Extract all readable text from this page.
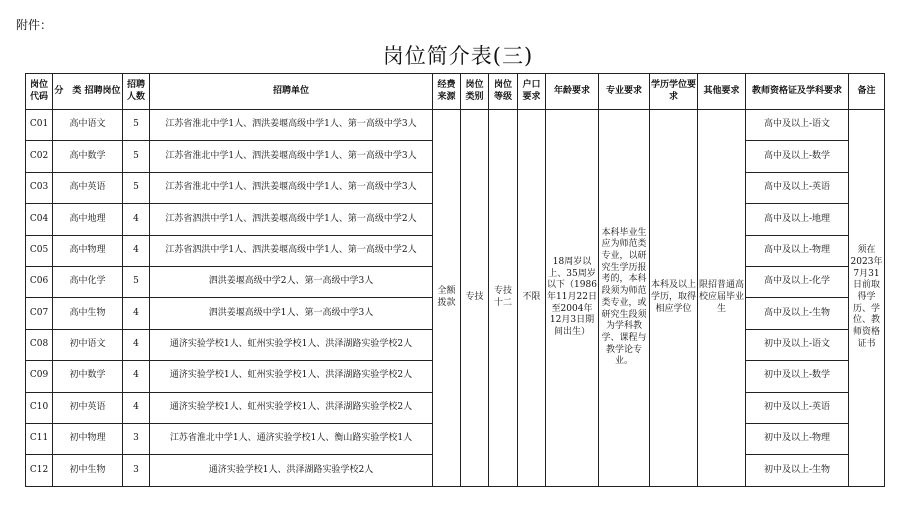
附件：
岗位简介表(三)
岗位代码	分　类 招聘岗位	招聘人数	招聘单位	经费来源	岗位类别	岗位等级	户口要求	年龄要求	专业要求	学历学位要求	其他要求	教师资格证及学科要求	备注
C01	高中语文	5	江苏省淮北中学1人、泗洪姜堰高级中学1人、第一高级中学3人	全额拨款	专技	专技十二	不限	18周岁以上、35周岁以下（1986年11月22日至2004年12月3日期间出生）	本科毕业生应为师范类专业，以研究生学历报考的，本科段须为师范类专业，或研究生段须为学科教学、课程与教学论专业。	本科及以上学历，取得相应学位	限招普通高校应届毕业生	高中及以上-语文	须在2023年7月31日前取得学历、学位、教师资格证书
C02	高中数学	5	江苏省淮北中学1人、泗洪姜堰高级中学1人、第一高级中学3人									高中及以上-数学	
C03	高中英语	5	江苏省淮北中学1人、泗洪姜堰高级中学1人、第一高级中学3人									高中及以上-英语	
C04	高中地理	4	江苏省泗洪中学1人、泗洪姜堰高级中学1人、第一高级中学2人									高中及以上-地理	
C05	高中物理	4	江苏省泗洪中学1人、泗洪姜堰高级中学1人、第一高级中学2人									高中及以上-物理	
C06	高中化学	5	泗洪姜堰高级中学2人、第一高级中学3人									高中及以上-化学	
C07	高中生物	4	泗洪姜堰高级中学1人、第一高级中学3人									高中及以上-生物	
C08	初中语文	4	通济实验学校1人、虹州实验学校1人、洪泽湖路实验学校2人									初中及以上-语文	
C09	初中数学	4	通济实验学校1人、虹州实验学校1人、洪泽湖路实验学校2人									初中及以上-数学	
C10	初中英语	4	通济实验学校1人、虹州实验学校1人、洪泽湖路实验学校2人									初中及以上-英语	
C11	初中物理	3	江苏省淮北中学1人、通济实验学校1人、衡山路实验学校1人									初中及以上-物理	
C12	初中生物	3	通济实验学校1人、洪泽湖路实验学校2人									初中及以上-生物	
